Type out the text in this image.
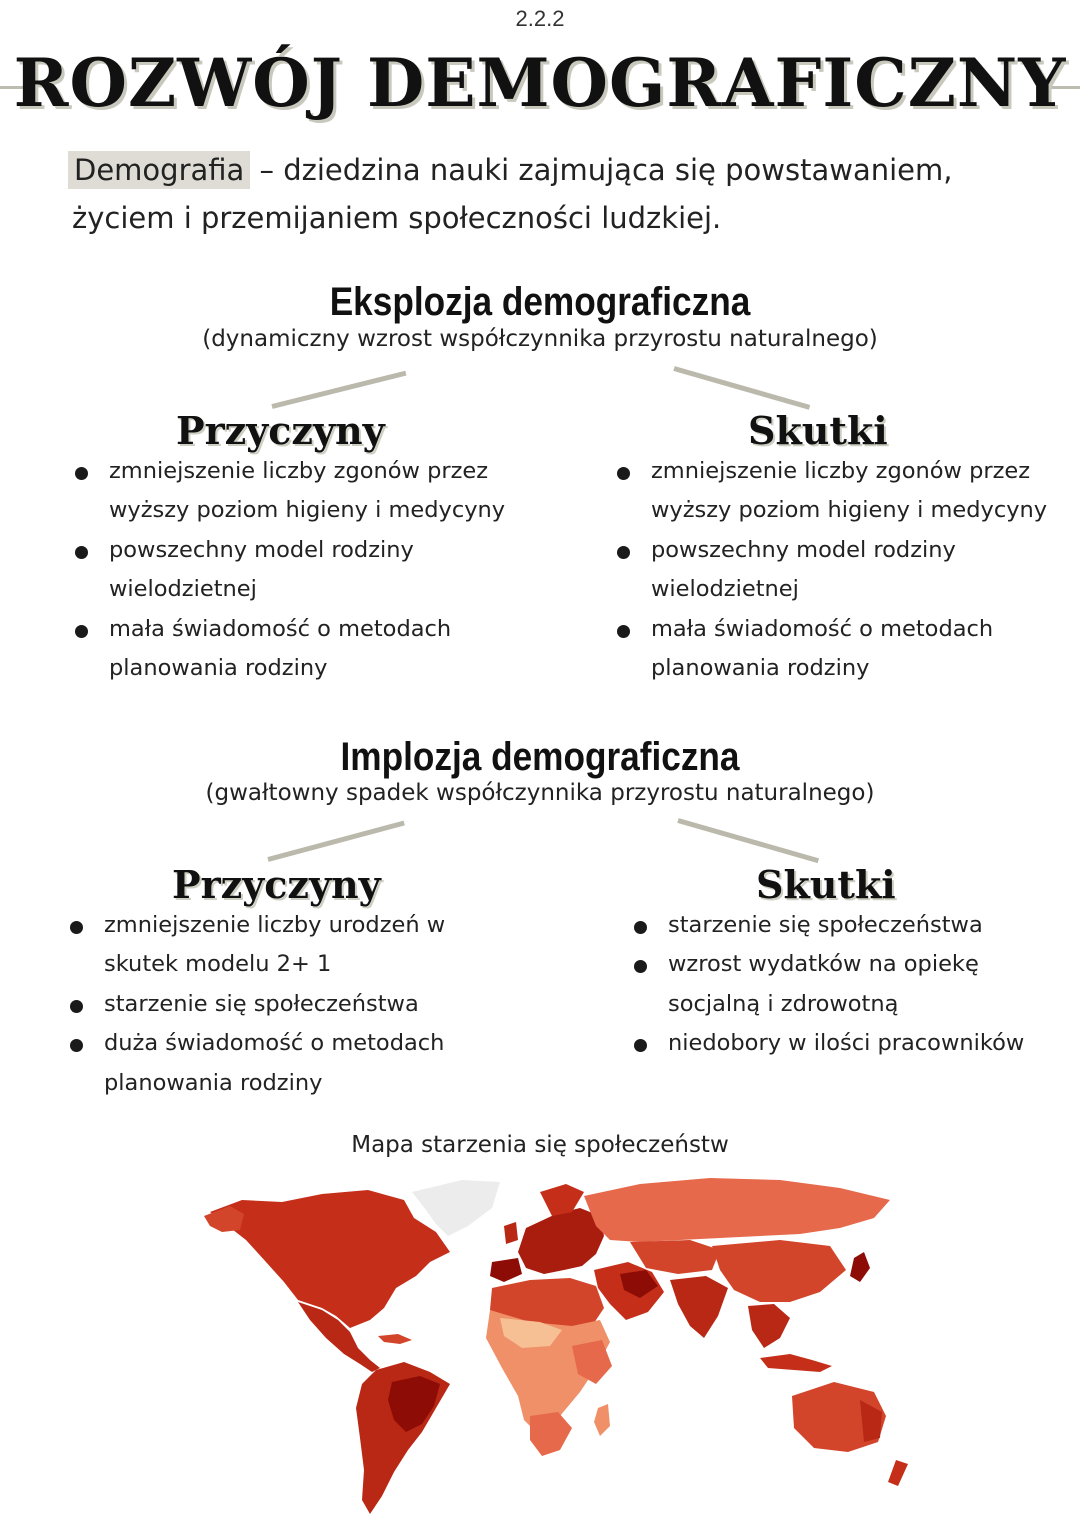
2.2.2
ROZWÓJ DEMOGRAFICZNY
Demografia – dziedzina nauki zajmująca się powstawaniem,
życiem i przemijaniem społeczności ludzkiej.
Eksplozja demograficzna
(dynamiczny wzrost współczynnika przyrostu naturalnego)
Przyczyny
zmniejszenie liczby zgonów przez
wyższy poziom higieny i medycyny
powszechny model rodziny
wielodzietnej
mała świadomość o metodach
planowania rodziny
Skutki
zmniejszenie liczby zgonów przez
wyższy poziom higieny i medycyny
powszechny model rodziny
wielodzietnej
mała świadomość o metodach
planowania rodziny
Implozja demograficzna
(gwałtowny spadek współczynnika przyrostu naturalnego)
Przyczyny
zmniejszenie liczby urodzeń w
skutek modelu 2+ 1
starzenie się społeczeństwa
duża świadomość o metodach
planowania rodziny
Skutki
starzenie się społeczeństwa
wzrost wydatków na opiekę
socjalną i zdrowotną
niedobory w ilości pracowników
Mapa starzenia się społeczeństw
